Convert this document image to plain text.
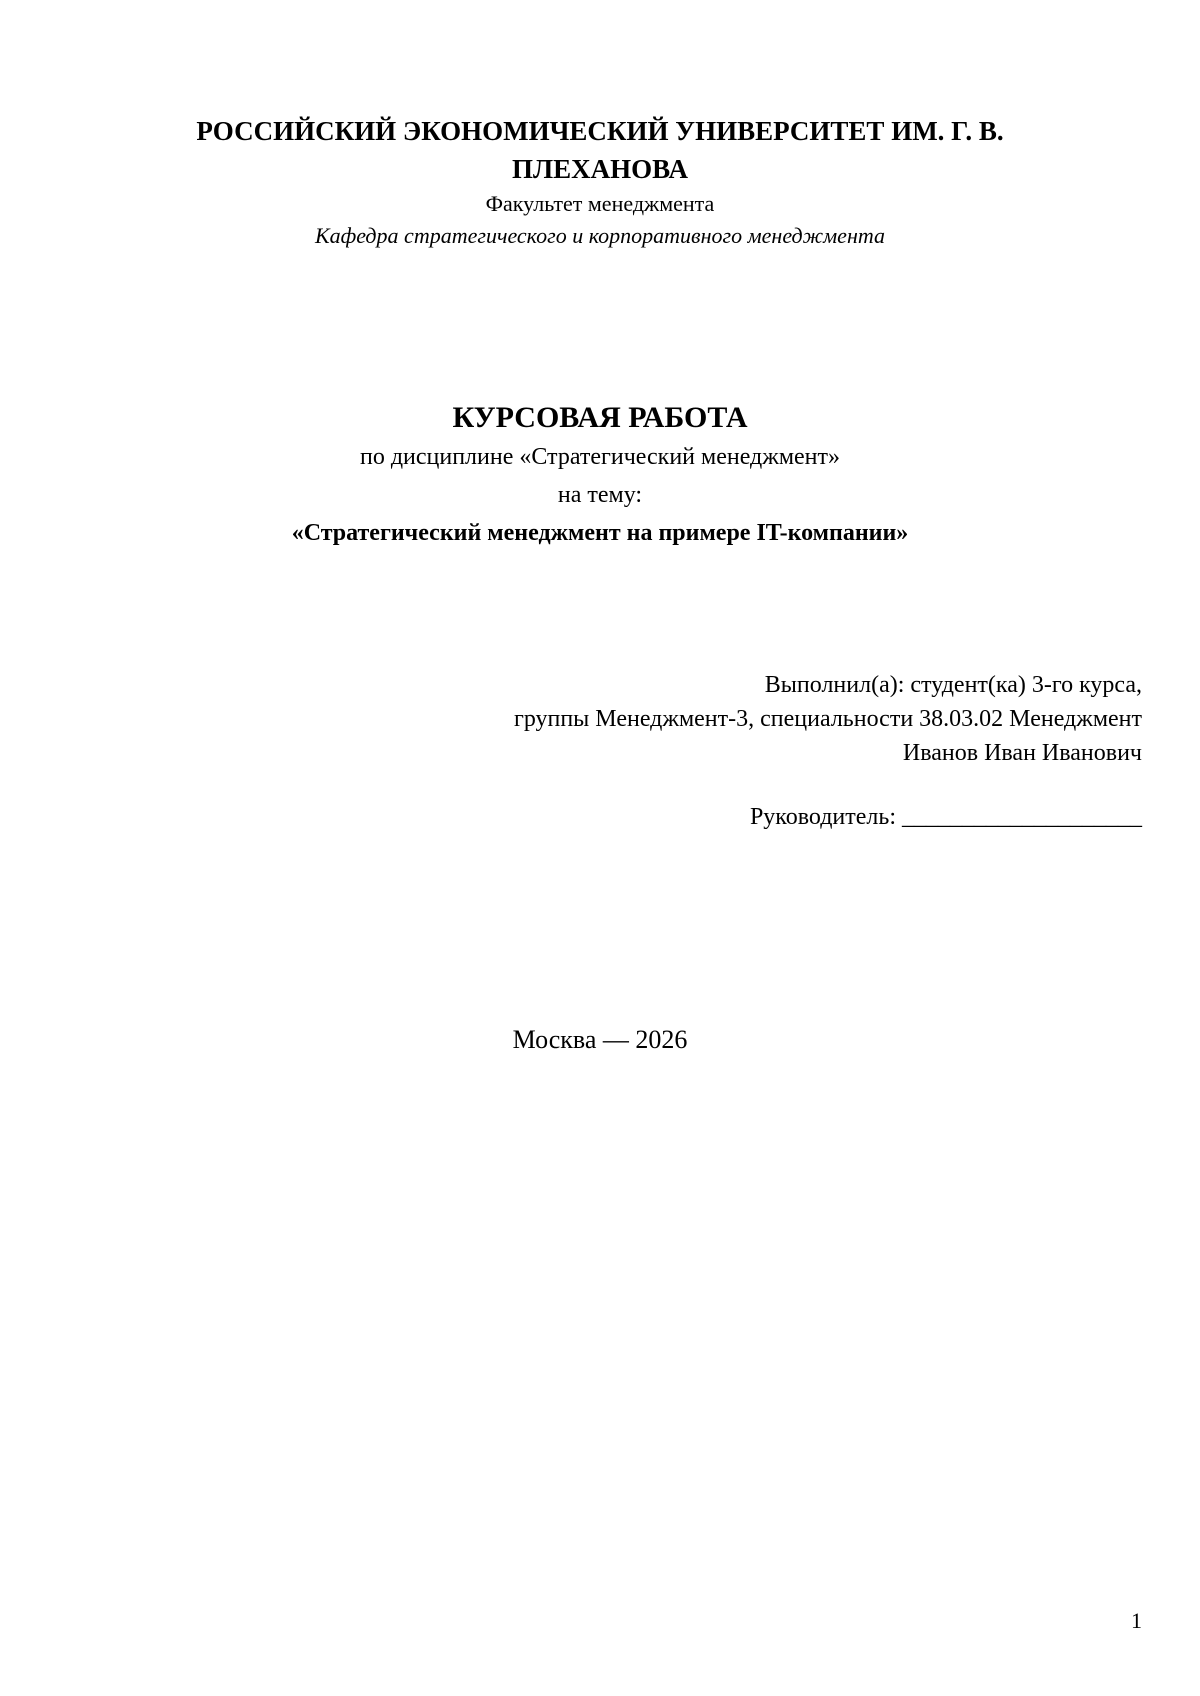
РОССИЙСКИЙ ЭКОНОМИЧЕСКИЙ УНИВЕРСИТЕТ ИМ. Г. В.

ПЛЕХАНОВА

Факультет менеджмента

Кафедра стратегического и корпоративного менеджмента

КУРСОВАЯ РАБОТА

по дисциплине «Стратегический менеджмент»

на тему:

«Стратегический менеджмент на примере IT-компании»

Выполнил(а): студент(ка) 3-го курса,

группы Менеджмент-3, специальности 38.03.02 Менеджмент

Иванов Иван Иванович

Руководитель: ____________________

Москва — 2026

1
